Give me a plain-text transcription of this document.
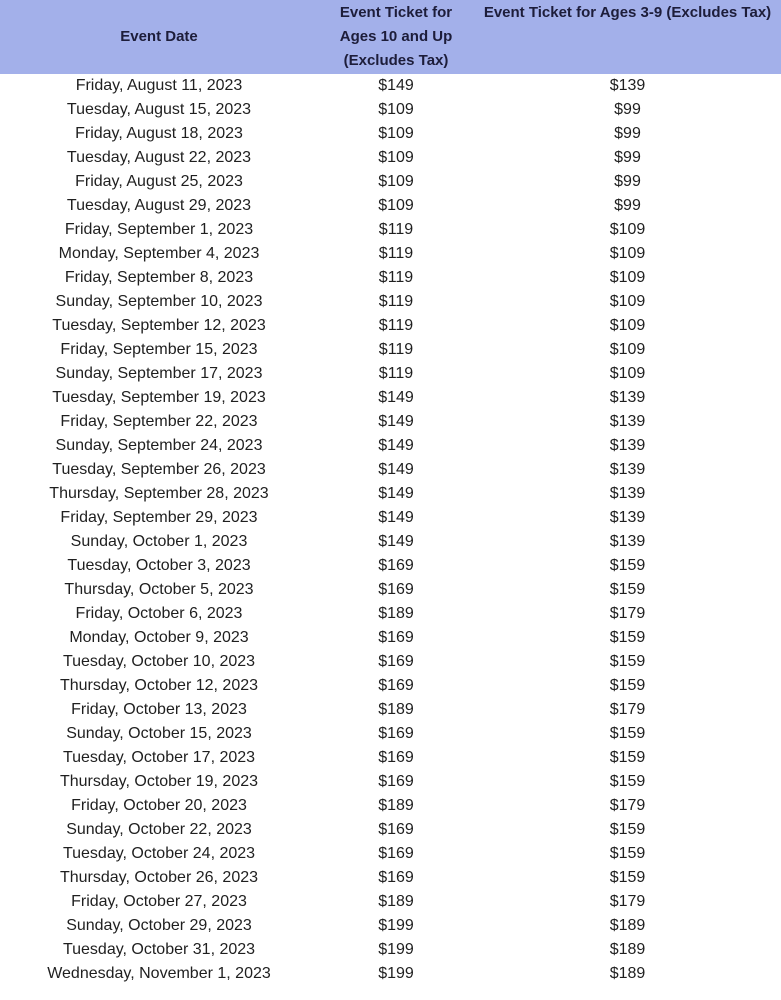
Event Date	Event Ticket for Ages 10 and Up (Excludes Tax)	Event Ticket for Ages 3-9 (Excludes Tax)
Friday, August 11, 2023	$149	$139
Tuesday, August 15, 2023	$109	$99
Friday, August 18, 2023	$109	$99
Tuesday, August 22, 2023	$109	$99
Friday, August 25, 2023	$109	$99
Tuesday, August 29, 2023	$109	$99
Friday, September 1, 2023	$119	$109
Monday, September 4, 2023	$119	$109
Friday, September 8, 2023	$119	$109
Sunday, September 10, 2023	$119	$109
Tuesday, September 12, 2023	$119	$109
Friday, September 15, 2023	$119	$109
Sunday, September 17, 2023	$119	$109
Tuesday, September 19, 2023	$149	$139
Friday, September 22, 2023	$149	$139
Sunday, September 24, 2023	$149	$139
Tuesday, September 26, 2023	$149	$139
Thursday, September 28, 2023	$149	$139
Friday, September 29, 2023	$149	$139
Sunday, October 1, 2023	$149	$139
Tuesday, October 3, 2023	$169	$159
Thursday, October 5, 2023	$169	$159
Friday, October 6, 2023	$189	$179
Monday, October 9, 2023	$169	$159
Tuesday, October 10, 2023	$169	$159
Thursday, October 12, 2023	$169	$159
Friday, October 13, 2023	$189	$179
Sunday, October 15, 2023	$169	$159
Tuesday, October 17, 2023	$169	$159
Thursday, October 19, 2023	$169	$159
Friday, October 20, 2023	$189	$179
Sunday, October 22, 2023	$169	$159
Tuesday, October 24, 2023	$169	$159
Thursday, October 26, 2023	$169	$159
Friday, October 27, 2023	$189	$179
Sunday, October 29, 2023	$199	$189
Tuesday, October 31, 2023	$199	$189
Wednesday, November 1, 2023	$199	$189
